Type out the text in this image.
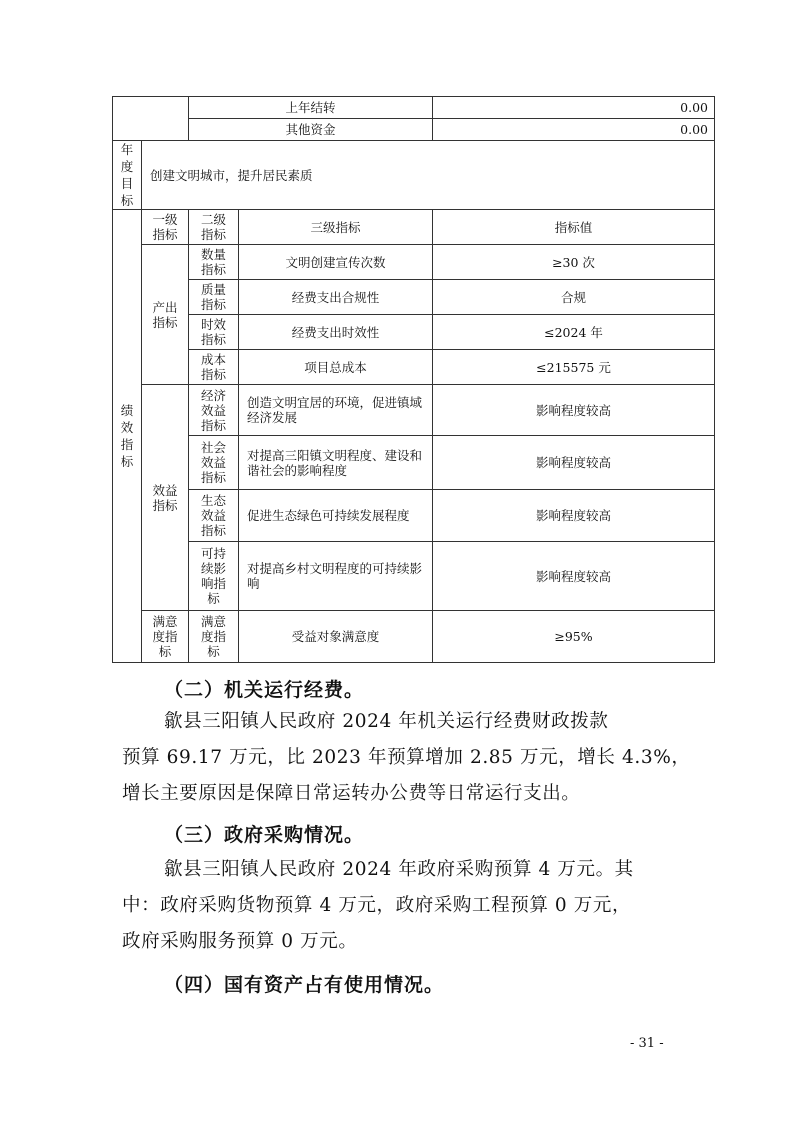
		上年结转		0.00
		其他资金		0.00

年度目标	创建文明城市，提升居民素质			

绩效指标	一级指标	二级指标	三级指标	指标值

	产出指标	数量指标	文明创建宣传次数	≥30 次

		质量指标	经费支出合规性	合规

		时效指标	经费支出时效性	≤2024 年

		成本指标	项目总成本	≤215575 元

	效益指标	经济效益指标	创造文明宜居的环境，促进镇域经济发展	影响程度较高

		社会效益指标	对提高三阳镇文明程度、建设和谐社会的影响程度	影响程度较高

		生态效益指标	促进生态绿色可持续发展程度	影响程度较高

		可持续影响指标	对提高乡村文明程度的可持续影响	影响程度较高

	满意度指标	满意度指标	受益对象满意度	≥95%
（二）机关运行经费。
歙县三阳镇人民政府 2024 年机关运行经费财政拨款
预算 69.17 万元，比 2023 年预算增加 2.85 万元，增长 4.3%，
增长主要原因是保障日常运转办公费等日常运行支出。
（三）政府采购情况。
歙县三阳镇人民政府 2024 年政府采购预算 4 万元。其
中：政府采购货物预算 4 万元，政府采购工程预算 0 万元，
政府采购服务预算 0 万元。
（四）国有资产占有使用情况。
- 31 -
